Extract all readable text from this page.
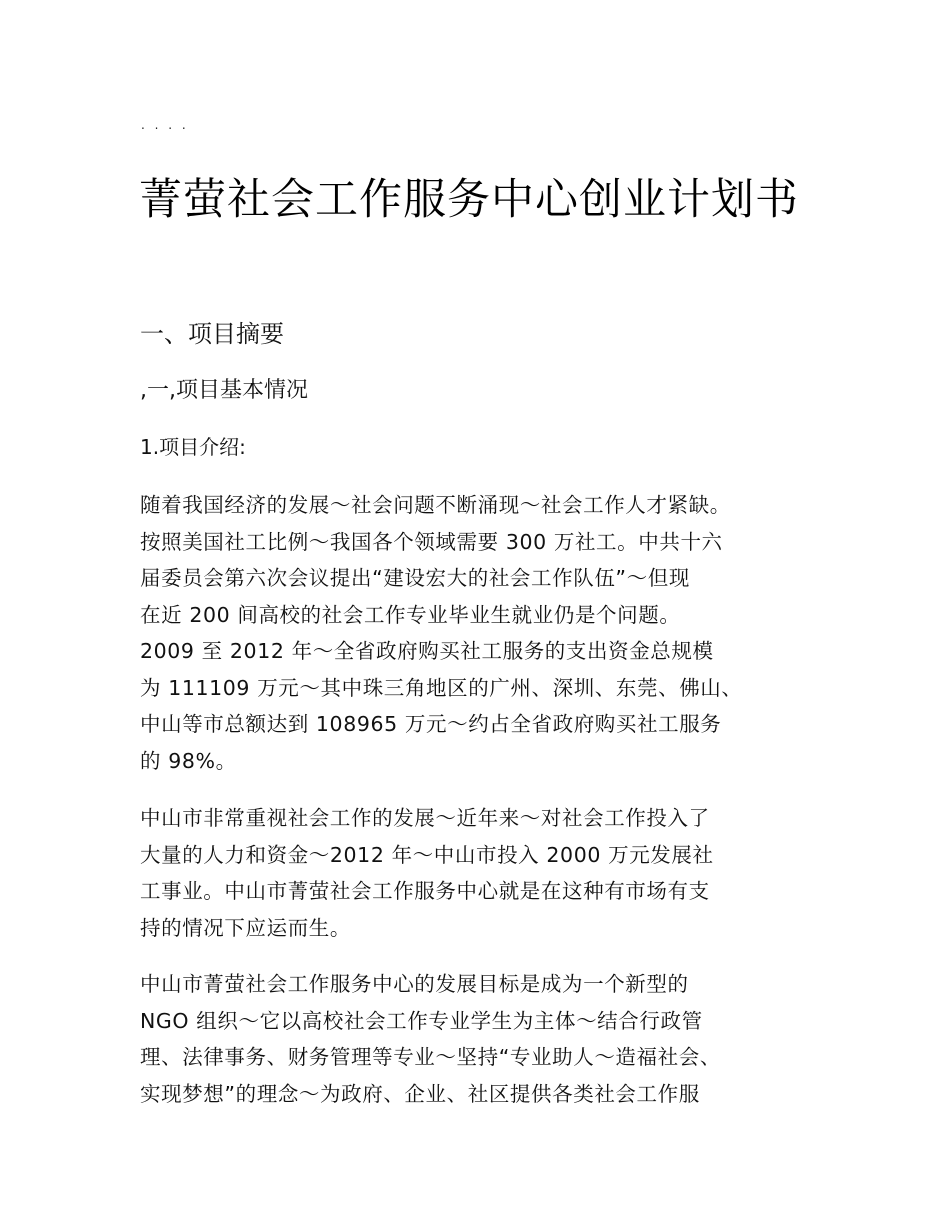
. . . .
菁萤社会工作服务中心创业计划书
一、项目摘要
,一,项目基本情况
1.项目介绍:
随着我国经济的发展～社会问题不断涌现～社会工作人才紧缺。
按照美国社工比例～我国各个领域需要 300 万社工。中共十六
届委员会第六次会议提出“建设宏大的社会工作队伍”～但现
在近 200 间高校的社会工作专业毕业生就业仍是个问题。
2009 至 2012 年～全省政府购买社工服务的支出资金总规模
为 111109 万元～其中珠三角地区的广州、深圳、东莞、佛山、
中山等市总额达到 108965 万元～约占全省政府购买社工服务
的 98%。
中山市非常重视社会工作的发展～近年来～对社会工作投入了
大量的人力和资金～2012 年～中山市投入 2000 万元发展社
工事业。中山市菁萤社会工作服务中心就是在这种有市场有支
持的情况下应运而生。
中山市菁萤社会工作服务中心的发展目标是成为一个新型的
NGO 组织～它以高校社会工作专业学生为主体～结合行政管
理、法律事务、财务管理等专业～坚持“专业助人～造福社会、
实现梦想”的理念～为政府、企业、社区提供各类社会工作服
